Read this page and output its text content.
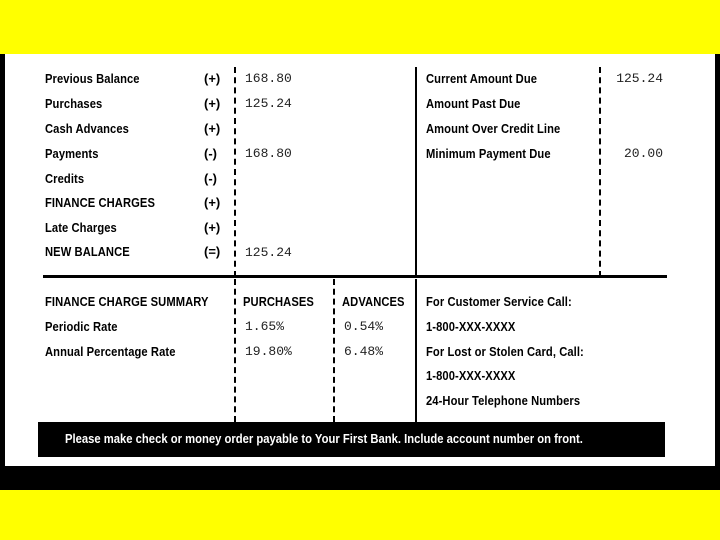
Previous Balance	(+) 168.80
Purchases	(+) 125.24
Cash Advances	(+)
Payments	(-) 168.80
Credits	(-)
FINANCE CHARGES	(+)
Late Charges	(+)
NEW BALANCE	(=) 125.24
Current Amount Due	125.24
Amount Past Due
Amount Over Credit Line
Minimum Payment Due	20.00
FINANCE CHARGE SUMMARY	PURCHASES ADVANCES
Periodic Rate	1.65%	0.54%
Annual Percentage Rate	19.80%	6.48%
For Customer Service Call:
1-800-XXX-XXXX
For Lost or Stolen Card, Call:
1-800-XXX-XXXX
24-Hour Telephone Numbers
Please make check or money order payable to Your First Bank. Include account number on front.
